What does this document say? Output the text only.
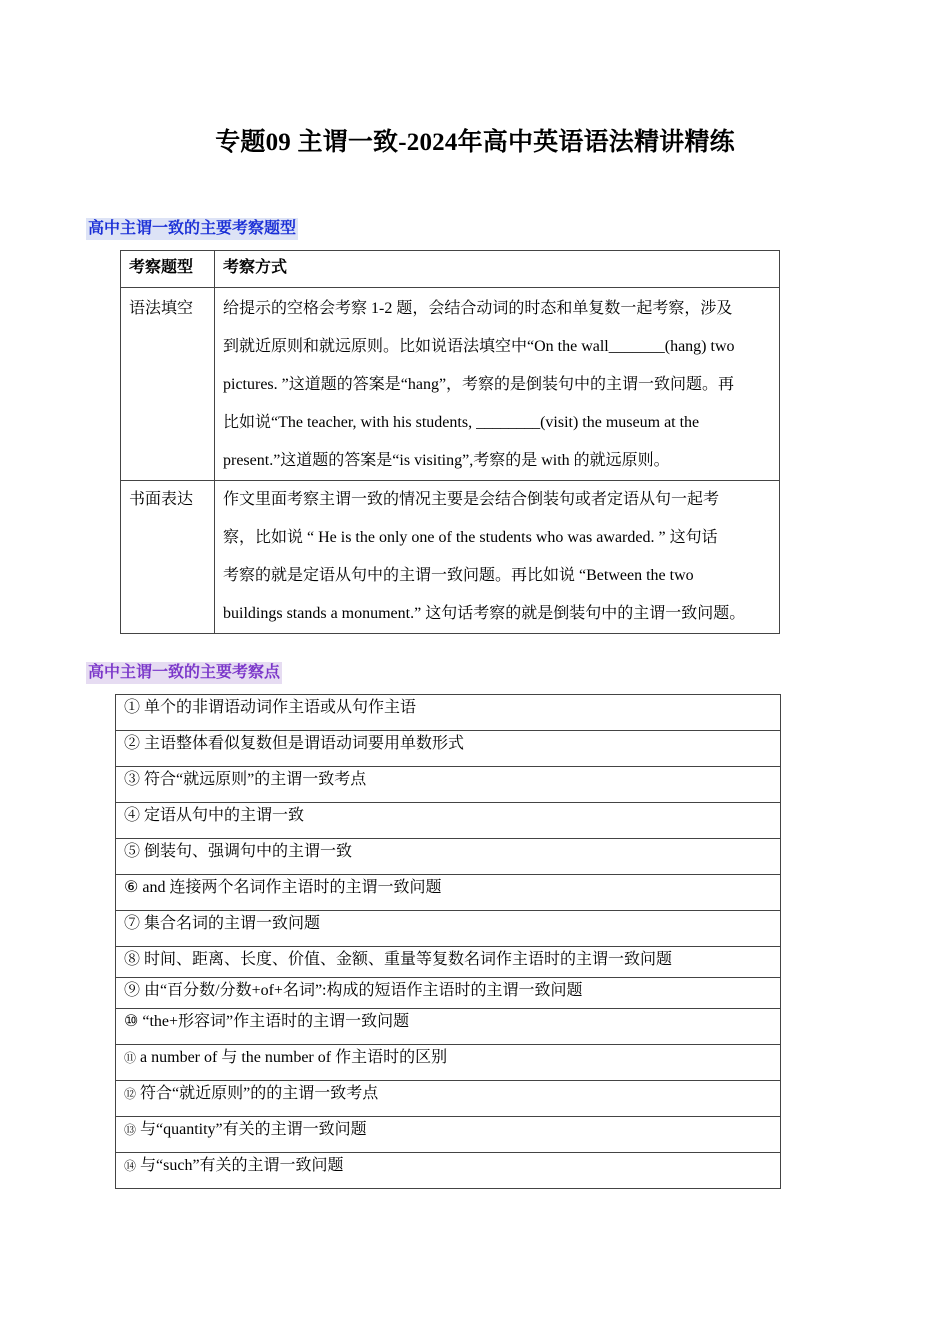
专题09 主谓一致-2024年高中英语语法精讲精练
高中主谓一致的主要考察题型
考察题型	考察方式
语法填空	给提示的空格会考察 1-2 题，会结合动词的时态和单复数一起考察，涉及
到就近原则和就远原则。比如说语法填空中“On the wall_______(hang) two
pictures. ”这道题的答案是“hang”，考察的是倒装句中的主谓一致问题。再
比如说“The teacher, with his students, ________(visit) the museum at the
present.”这道题的答案是“is visiting”,考察的是 with 的就远原则。

书面表达	作文里面考察主谓一致的情况主要是会结合倒装句或者定语从句一起考
察，比如说 “ He is the only one of the students who was awarded. ” 这句话
考察的就是定语从句中的主谓一致问题。再比如说 “Between the two
buildings stands a monument.” 这句话考察的就是倒装句中的主谓一致问题。
高中主谓一致的主要考察点
① 单个的非谓语动词作主语或从句作主语
② 主语整体看似复数但是谓语动词要用单数形式
③ 符合“就远原则”的主谓一致考点
④ 定语从句中的主谓一致
⑤ 倒装句、强调句中的主谓一致
⑥ and 连接两个名词作主语时的主谓一致问题
⑦ 集合名词的主谓一致问题
⑧ 时间、距离、长度、价值、金额、重量等复数名词作主语时的主谓一致问题
⑨ 由“百分数/分数+of+名词”:构成的短语作主语时的主谓一致问题
⑩ “the+形容词”作主语时的主谓一致问题
⑪ a number of 与 the number of 作主语时的区别
⑫ 符合“就近原则”的的主谓一致考点
⑬ 与“quantity”有关的主谓一致问题
⑭ 与“such”有关的主谓一致问题
